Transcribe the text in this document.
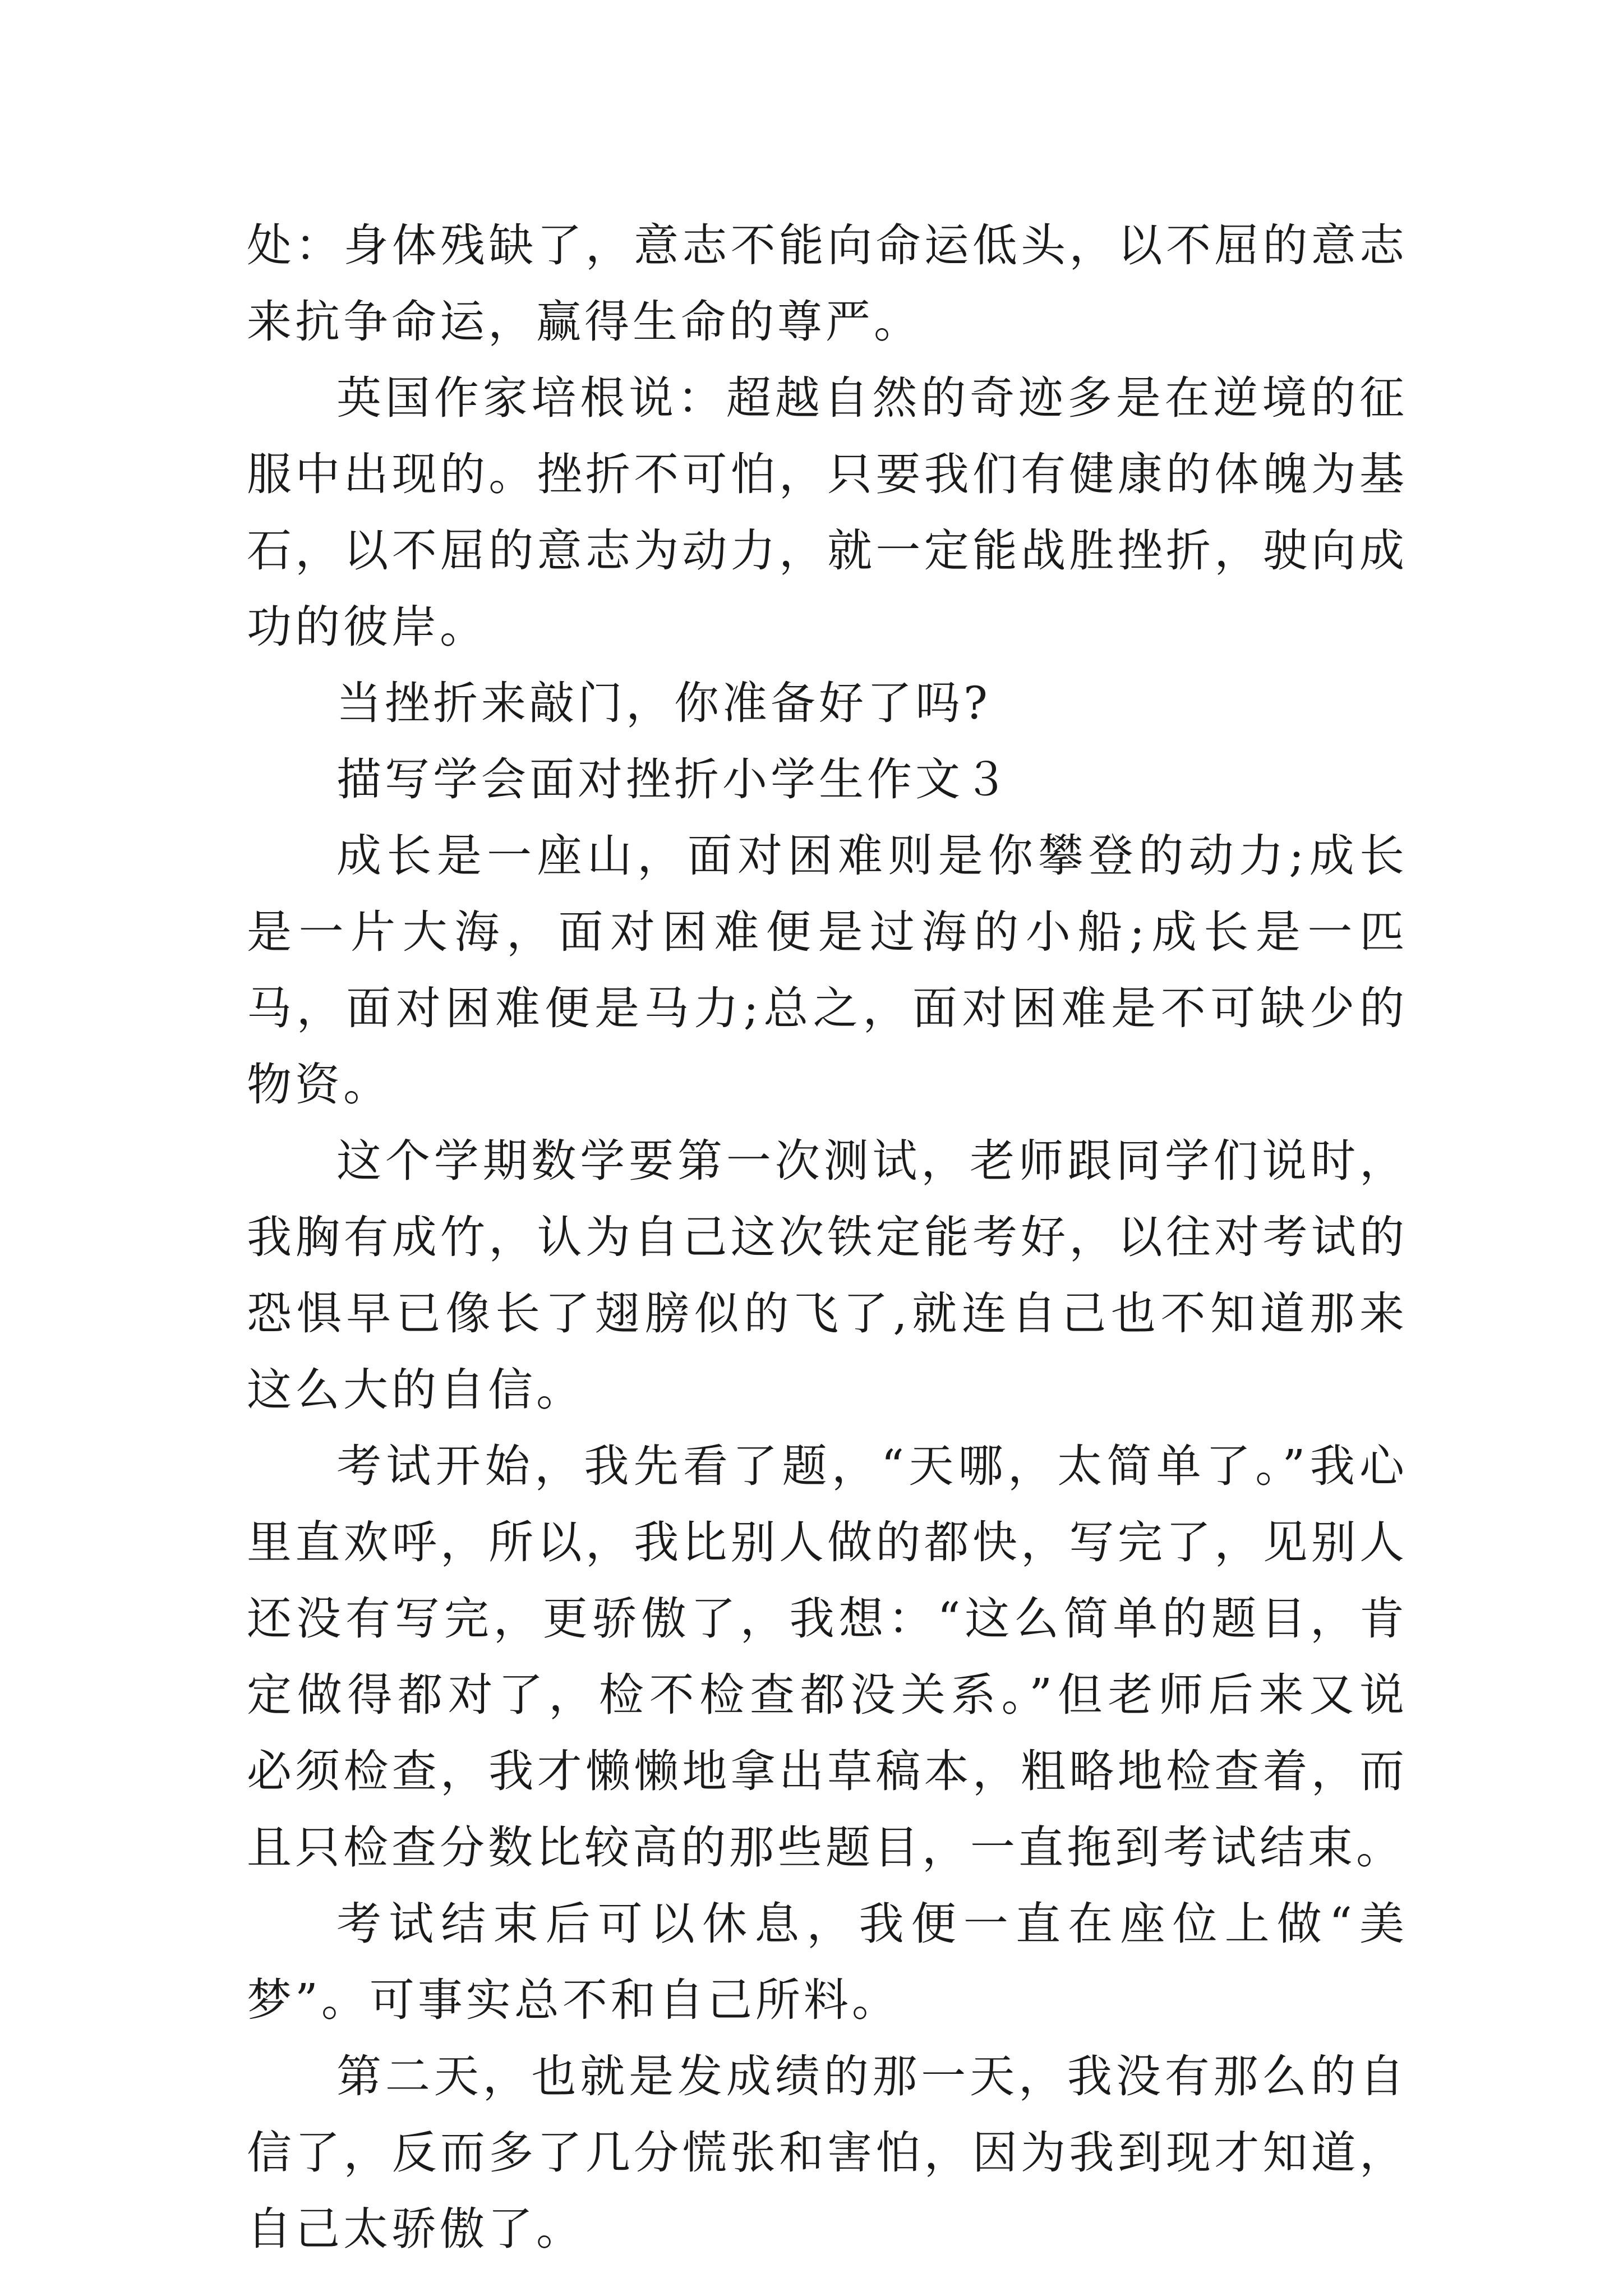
处：身体残缺了，意志不能向命运低头，以不屈的意志来抗争命运，赢得生命的尊严。

英国作家培根说：超越自然的奇迹多是在逆境的征服中出现的。挫折不可怕，只要我们有健康的体魄为基石，以不屈的意志为动力，就一定能战胜挫折，驶向成功的彼岸。

当挫折来敲门，你准备好了吗?

描写学会面对挫折小学生作文３

成长是一座山，面对困难则是你攀登的动力;成长是一片大海，面对困难便是过海的小船;成长是一匹马，面对困难便是马力;总之，面对困难是不可缺少的物资。

这个学期数学要第一次测试，老师跟同学们说时，我胸有成竹，认为自己这次铁定能考好，以往对考试的恐惧早已像长了翅膀似的飞了,就连自己也不知道那来这么大的自信。

考试开始，我先看了题，“天哪，太简单了。”我心里直欢呼，所以，我比别人做的都快，写完了，见别人还没有写完，更骄傲了，我想：“这么简单的题目，肯定做得都对了，检不检查都没关系。”但老师后来又说必须检查，我才懒懒地拿出草稿本，粗略地检查着，而且只检查分数比较高的那些题目，一直拖到考试结束。

考试结束后可以休息，我便一直在座位上做“美梦”。可事实总不和自己所料。

第二天，也就是发成绩的那一天，我没有那么的自信了，反而多了几分慌张和害怕，因为我到现才知道，自己太骄傲了。
